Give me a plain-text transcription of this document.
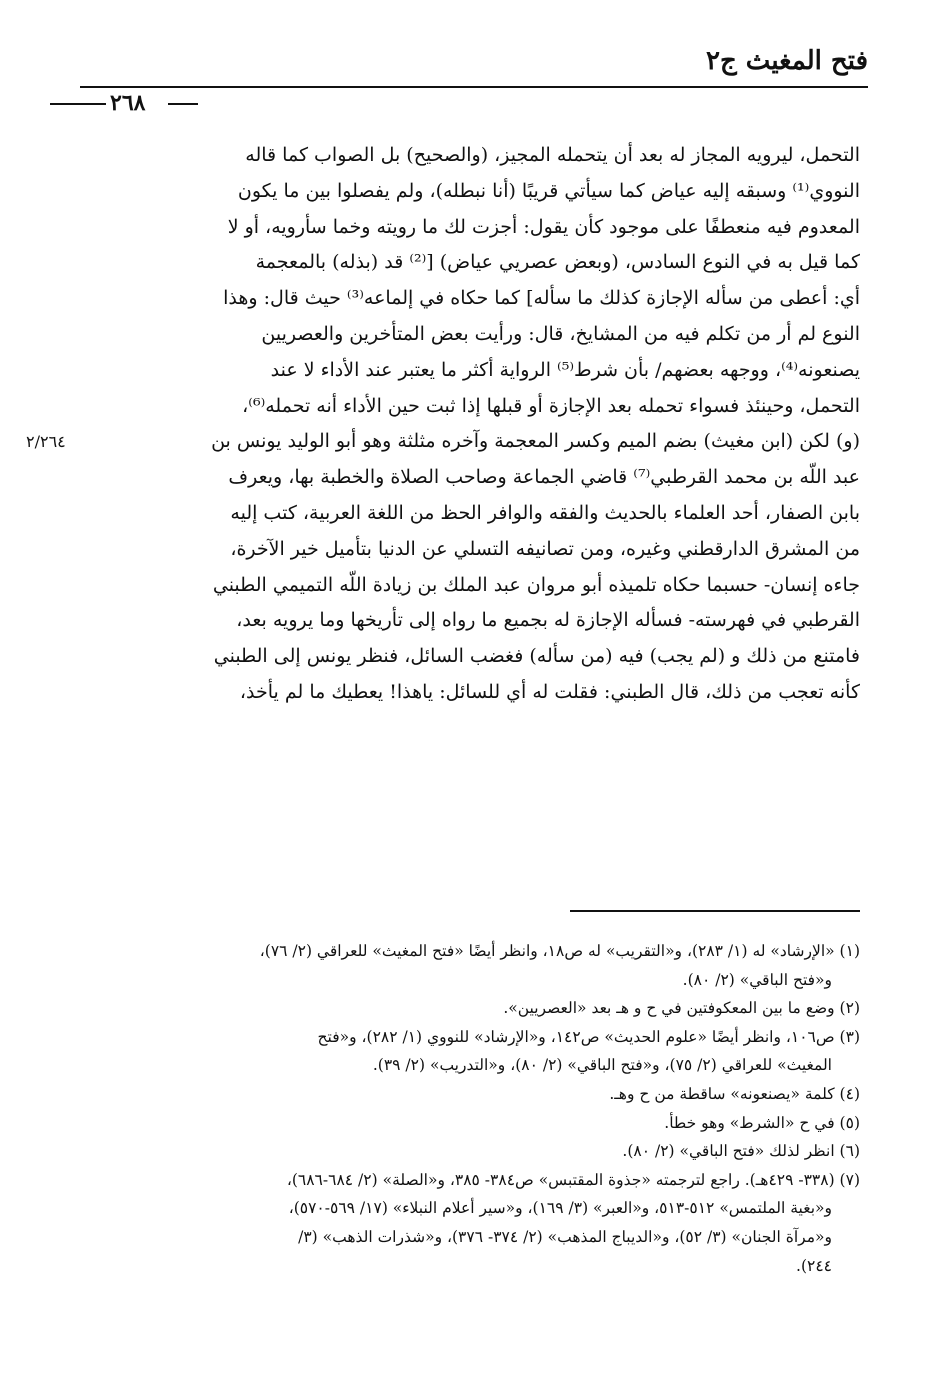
فتح المغيث ج٢
٢٦٨
٢/٢٦٤
التحمل، ليرويه المجاز له بعد أن يتحمله المجيز، (والصحيح) بل الصواب كما قاله
النووي⁽¹⁾ وسبقه إليه عياض كما سيأتي قريبًا (أنا نبطله)، ولم يفصلوا بين ما يكون
المعدوم فيه منعطفًا على موجود كأن يقول: أجزت لك ما رويته وخما سأرويه، أو لا
كما قيل به في النوع السادس، (وبعض عصريي عياض) [⁽²⁾ قد (بذله) بالمعجمة
أي: أعطى من سأله الإجازة كذلك ما سأله] كما حكاه في إلماعه⁽³⁾ حيث قال: وهذا
النوع لم أر من تكلم فيه من المشايخ، قال: ورأيت بعض المتأخرين والعصريين
يصنعونه⁽⁴⁾، ووجهه بعضهم/ بأن شرط⁽⁵⁾ الرواية أكثر ما يعتبر عند الأداء لا عند
التحمل، وحينئذ فسواء تحمله بعد الإجازة أو قبلها إذا ثبت حين الأداء أنه تحمله⁽⁶⁾،
(و) لكن (ابن مغيث) بضم الميم وكسر المعجمة وآخره مثلثة وهو أبو الوليد يونس بن
عبد اللّه بن محمد القرطبي⁽⁷⁾ قاضي الجماعة وصاحب الصلاة والخطبة بها، ويعرف
بابن الصفار، أحد العلماء بالحديث والفقه والوافر الحظ من اللغة العربية، كتب إليه
من المشرق الدارقطني وغيره، ومن تصانيفه التسلي عن الدنيا بتأميل خير الآخرة،
جاءه إنسان- حسبما حكاه تلميذه أبو مروان عبد الملك بن زيادة اللّه التميمي الطبني
القرطبي في فهرسته- فسأله الإجازة له بجميع ما رواه إلى تأريخها وما يرويه بعد،
فامتنع من ذلك و (لم يجب) فيه (من سأله) فغضب السائل، فنظر يونس إلى الطبني
كأنه تعجب من ذلك، قال الطبني: فقلت له أي للسائل: ياهذا! يعطيك ما لم يأخذ،
(١) «الإرشاد» له (١/ ٢٨٣)، و«التقريب» له ص١٨، وانظر أيضًا «فتح المغيث» للعراقي (٢/ ٧٦)،
و«فتح الباقي» (٢/ ٨٠).
(٢) وضع ما بين المعكوفتين في ح و هـ بعد «العصريين».
(٣) ص١٠٦، وانظر أيضًا «علوم الحديث» ص١٤٢، و«الإرشاد» للنووي (١/ ٢٨٢)، و«فتح
المغيث» للعراقي (٢/ ٧٥)، و«فتح الباقي» (٢/ ٨٠)، و«التدريب» (٢/ ٣٩).
(٤) كلمة «يصنعونه» ساقطة من ح وهـ.
(٥) في ح «الشرط» وهو خطأ.
(٦) انظر لذلك «فتح الباقي» (٢/ ٨٠).
(٧) (٣٣٨- ٤٢٩هـ). راجع لترجمته «جذوة المقتبس» ص٣٨٤- ٣٨٥، و«الصلة» (٢/ ٦٨٤-٦٨٦)،
و«بغية الملتمس» ٥١٢-٥١٣، و«العبر» (٣/ ١٦٩)، و«سير أعلام النبلاء» (١٧/ ٥٦٩-٥٧٠)،
و«مرآة الجنان» (٣/ ٥٢)، و«الديباج المذهب» (٢/ ٣٧٤- ٣٧٦)، و«شذرات الذهب» (٣/
٢٤٤).
